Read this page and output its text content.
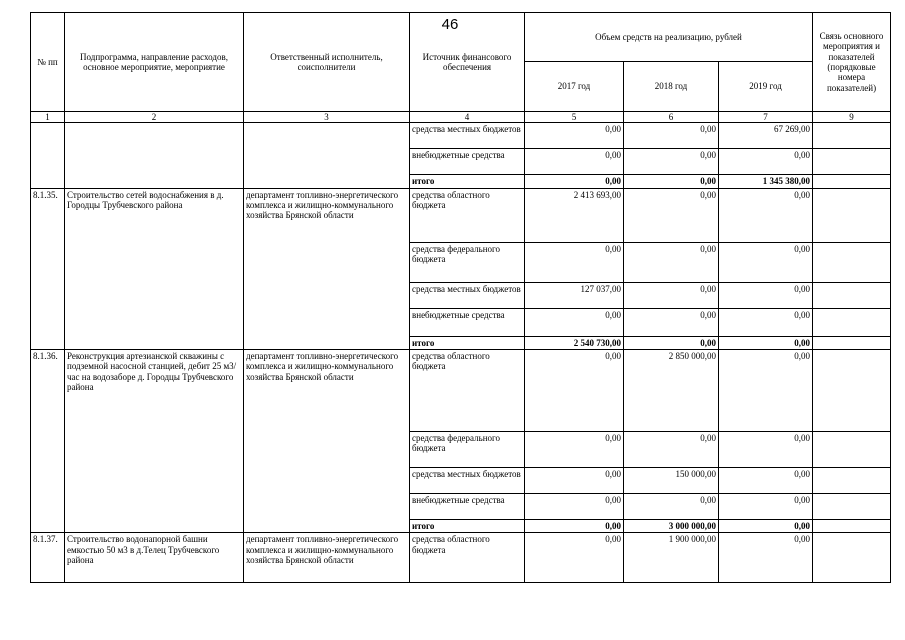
46
№ пп	Подпрограмма, направление расходов, основное мероприятие, мероприятие	Ответственный исполнитель, соисполнители	Источник финансового обеспечения	Объем средств на реализацию, рублей			Связь основного мероприятия и показателей (порядковые номера показателей)
				2017 год	2018 год	2019 год	
1	2	3	4	5	6	7	9
			средства местных бюджетов	0,00	0,00	67 269,00	
			внебюджетные средства	0,00	0,00	0,00	
			итого	0,00	0,00	1 345 380,00	
8.1.35.	Строительство сетей водоснабжения в д. Городцы Трубчевского района	департамент топливно-энергетического комплекса и жилищно-коммунального хозяйства Брянской области	средства областного бюджета	2 413 693,00	0,00	0,00	
			средства федерального бюджета	0,00	0,00	0,00	
			средства местных бюджетов	127 037,00	0,00	0,00	
			внебюджетные средства	0,00	0,00	0,00	
			итого	2 540 730,00	0,00	0,00	
8.1.36.	Реконструкция артезианской скважины с подземной насосной станцией, дебит 25 м3/час на водозаборе д. Городцы Трубчевского района	департамент топливно-энергетического комплекса и жилищно-коммунального хозяйства Брянской области	средства областного бюджета	0,00	2 850 000,00	0,00	
			средства федерального бюджета	0,00	0,00	0,00	
			средства местных бюджетов	0,00	150 000,00	0,00	
			внебюджетные средства	0,00	0,00	0,00	
			итого	0,00	3 000 000,00	0,00	
8.1.37.	Строительство водонапорной башни емкостью 50 м3 в д.Телец Трубчевского района	департамент топливно-энергетического комплекса и жилищно-коммунального хозяйства Брянской области	средства областного бюджета	0,00	1 900 000,00	0,00	
